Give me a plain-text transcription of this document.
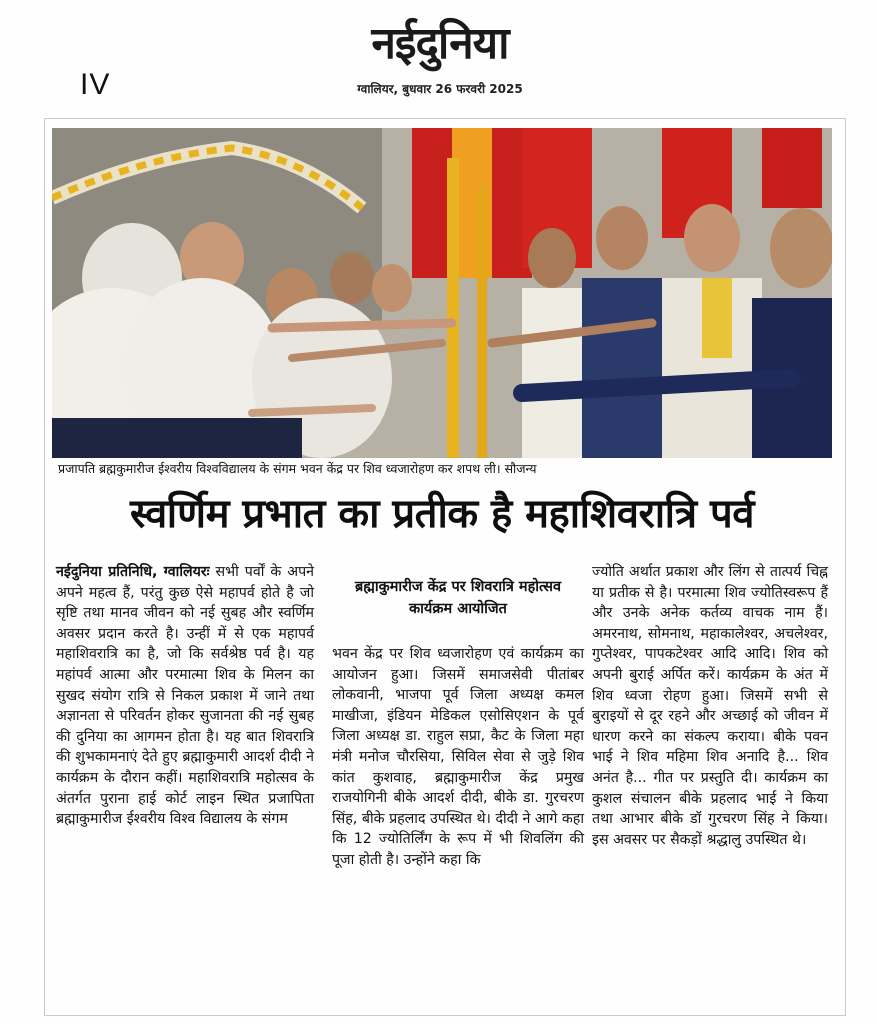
IV
नईदुनिया
ग्वालियर, बुधवार 26 फरवरी 2025
प्रजापति ब्रह्मकुमारीज ईश्वरीय विश्वविद्यालय के संगम भवन केंद्र पर शिव ध्वजारोहण कर शपथ ली। सौजन्य
स्वर्णिम प्रभात का प्रतीक है महाशिवरात्रि पर्व

नईदुनिया प्रतिनिधि, ग्वालियरः सभी पर्वों के अपने अपने महत्व हैं, परंतु कुछ ऐसे महापर्व होते है जो सृष्टि तथा मानव जीवन को नई सुबह और स्वर्णिम अवसर प्रदान करते है। उन्हीं में से एक महापर्व महाशिवरात्रि का है, जो कि सर्वश्रेष्ठ पर्व है। यह महांपर्व आत्मा और परमात्मा शिव के मिलन का सुखद संयोग रात्रि से निकल प्रकाश में जाने तथा अज्ञानता से परिवर्तन होकर सुजानता की नई सुबह की दुनिया का आगमन होता है। यह बात शिवरात्रि की शुभकामनाएं देते हुए ब्रह्माकुमारी आदर्श दीदी ने कार्यक्रम के दौरान कहीं। महाशिवरात्रि महोत्सव के अंतर्गत पुराना हाई कोर्ट लाइन स्थित प्रजापिता ब्रह्माकुमारीज ईश्वरीय विश्व विद्यालय के संगम

ब्रह्माकुमारीज केंद्र पर शिवरात्रि महोत्सव कार्यक्रम आयोजित

भवन केंद्र पर शिव ध्वजारोहण एवं कार्यक्रम का आयोजन हुआ। जिसमें समाजसेवी पीतांबर लोकवानी, भाजपा पूर्व जिला अध्यक्ष कमल माखीजा, इंडियन मेडिकल एसोसिएशन के पूर्व जिला अध्यक्ष डा. राहुल सप्रा, कैट के जिला महा मंत्री मनोज चौरसिया, सिविल सेवा से जुड़े शिव कांत कुशवाह, ब्रह्माकुमारीज केंद्र प्रमुख राजयोगिनी बीके आदर्श दीदी, बीके डा. गुरचरण सिंह, बीके प्रहलाद उपस्थित थे। दीदी ने आगे कहा कि 12 ज्योतिर्लिंग के रूप में भी शिवलिंग की पूजा होती है। उन्होंने कहा कि

ज्योति अर्थात प्रकाश और लिंग से तात्पर्य चिह्न या प्रतीक से है। परमात्मा शिव ज्योतिस्वरूप हैं और उनके अनेक कर्तव्य वाचक नाम हैं। अमरनाथ, सोमनाथ, महाकालेश्वर, अचलेश्वर, गुप्तेश्वर, पापकटेश्वर आदि आदि। शिव को अपनी बुराई अर्पित करें। कार्यक्रम के अंत में शिव ध्वजा रोहण हुआ। जिसमें सभी से बुराइयों से दूर रहने और अच्छाई को जीवन में धारण करने का संकल्प कराया। बीके पवन भाई ने शिव महिमा शिव अनादि है... शिव अनंत है... गीत पर प्रस्तुति दी। कार्यक्रम का कुशल संचालन बीके प्रहलाद भाई ने किया तथा आभार बीके डॉ गुरचरण सिंह ने किया। इस अवसर पर सैकड़ों श्रद्धालु उपस्थित थे।
